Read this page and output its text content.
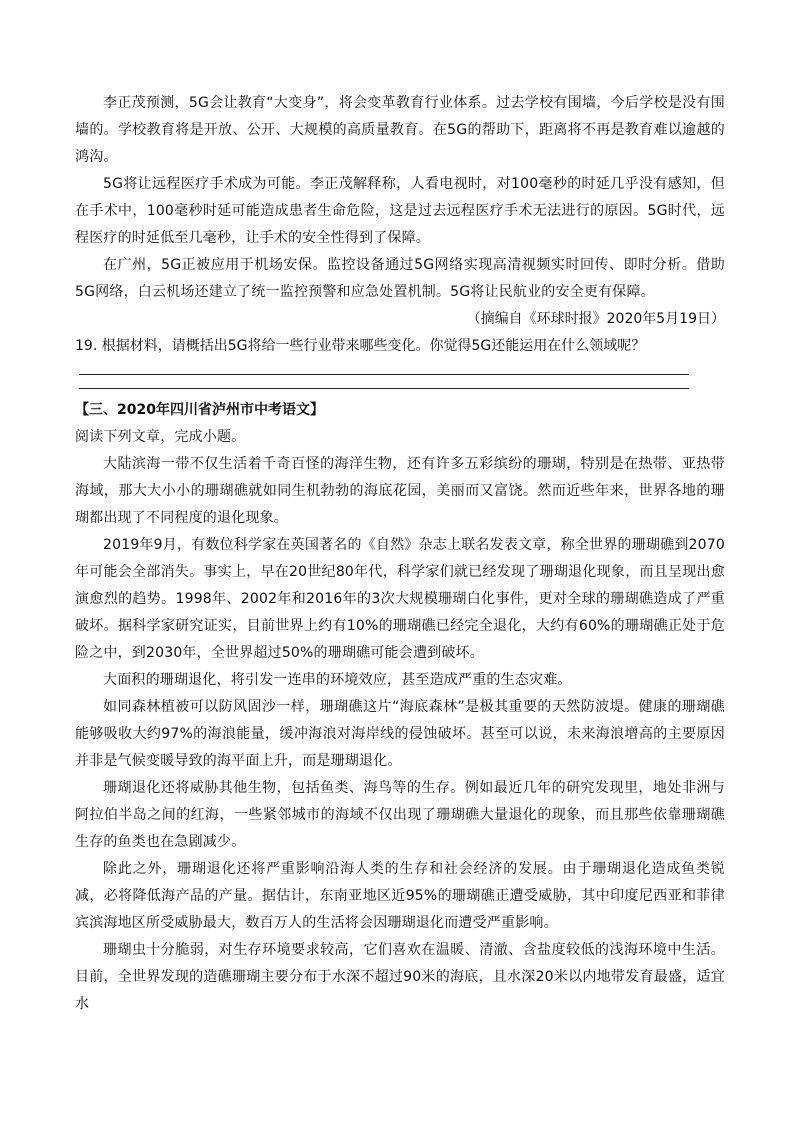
李正茂预测，5G会让教育“大变身”，将会变革教育行业体系。过去学校有围墙，今后学校是没有围墙的。学校教育将是开放、公开、大规模的高质量教育。在5G的帮助下，距离将不再是教育难以逾越的鸿沟。

5G将让远程医疗手术成为可能。李正茂解释称，人看电视时，对100毫秒的时延几乎没有感知，但在手术中，100毫秒时延可能造成患者生命危险，这是过去远程医疗手术无法进行的原因。5G时代，远程医疗的时延低至几毫秒，让手术的安全性得到了保障。

在广州，5G正被应用于机场安保。监控设备通过5G网络实现高清视频实时回传、即时分析。借助5G网络，白云机场还建立了统一监控预警和应急处置机制。5G将让民航业的安全更有保障。

（摘编自《环球时报》2020年5月19日）

19. 根据材料，请概括出5G将给一些行业带来哪些变化。你觉得5G还能运用在什么领域呢？

【三、2020年四川省泸州市中考语文】

阅读下列文章，完成小题。

大陆滨海一带不仅生活着千奇百怪的海洋生物，还有许多五彩缤纷的珊瑚，特别是在热带、亚热带海域，那大大小小的珊瑚礁就如同生机勃勃的海底花园，美丽而又富饶。然而近些年来，世界各地的珊瑚都出现了不同程度的退化现象。

2019年9月，有数位科学家在英国著名的《自然》杂志上联名发表文章，称全世界的珊瑚礁到2070年可能会全部消失。事实上，早在20世纪80年代，科学家们就已经发现了珊瑚退化现象，而且呈现出愈演愈烈的趋势。1998年、2002年和2016年的3次大规模珊瑚白化事件，更对全球的珊瑚礁造成了严重破坏。据科学家研究证实，目前世界上约有10%的珊瑚礁已经完全退化，大约有60%的珊瑚礁正处于危险之中，到2030年，全世界超过50%的珊瑚礁可能会遭到破坏。

大面积的珊瑚退化，将引发一连串的环境效应，甚至造成严重的生态灾难。

如同森林植被可以防风固沙一样，珊瑚礁这片“海底森林”是极其重要的天然防波堤。健康的珊瑚礁能够吸收大约97%的海浪能量，缓冲海浪对海岸线的侵蚀破坏。甚至可以说，未来海浪增高的主要原因并非是气候变暖导致的海平面上升，而是珊瑚退化。

珊瑚退化还将威胁其他生物，包括鱼类、海鸟等的生存。例如最近几年的研究发现里，地处非洲与阿拉伯半岛之间的红海，一些紧邻城市的海域不仅出现了珊瑚礁大量退化的现象，而且那些依靠珊瑚礁生存的鱼类也在急剧减少。

除此之外，珊瑚退化还将严重影响沿海人类的生存和社会经济的发展。由于珊瑚退化造成鱼类锐减，必将降低海产品的产量。据估计，东南亚地区近95%的珊瑚礁正遭受威胁，其中印度尼西亚和菲律宾滨海地区所受威胁最大，数百万人的生活将会因珊瑚退化而遭受严重影响。

珊瑚虫十分脆弱，对生存环境要求较高，它们喜欢在温暖、清澈、含盐度较低的浅海环境中生活。目前，全世界发现的造礁珊瑚主要分布于水深不超过90米的海底，且水深20米以内地带发育最盛，适宜水
